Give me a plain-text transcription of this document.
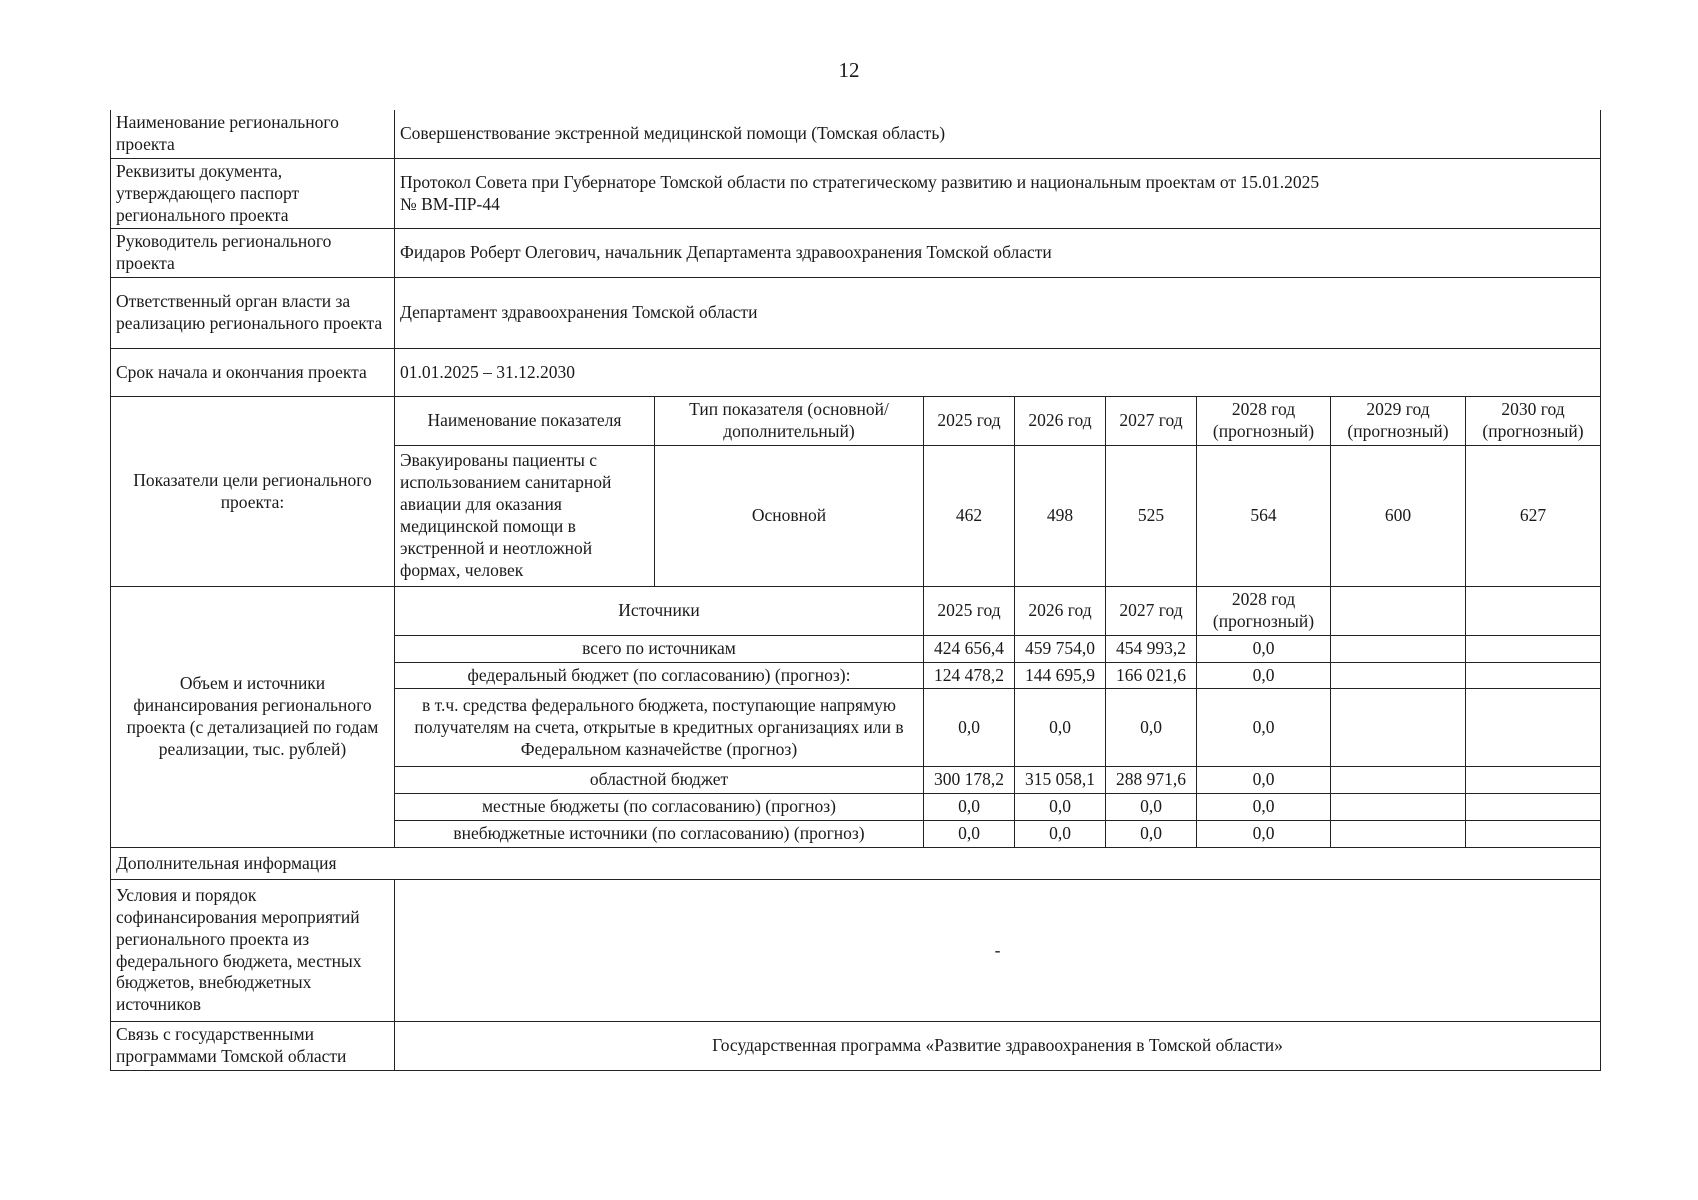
12
Наименование регионального проекта	Совершенствование экстренной медицинской помощи (Томская область)							
Реквизиты документа, утверждающего паспорт регионального проекта	Протокол Совета при Губернаторе Томской области по стратегическому развитию и национальным проектам от 15.01.2025
№ ВМ-ПР-44							

Руководитель регионального проекта	Фидаров Роберт Олегович, начальник Департамента здравоохранения Томской области							
Ответственный орган власти за реализацию регионального проекта	Департамент здравоохранения Томской области							
Срок начала и окончания проекта	01.01.2025 – 31.12.2030							
Показатели цели регионального проекта:	Наименование показателя	Тип показателя (основной/дополнительный)	2025 год	2026 год	2027 год	2028 год (прогнозный)	2029 год (прогнозный)	2030 год (прогнозный)
	Эвакуированы пациенты с использованием санитарной авиации для оказания медицинской помощи в экстренной и неотложной формах, человек	Основной	462	498	525	564	600	627
Объем и источники финансирования регионального проекта (с детализацией по годам реализации, тыс. рублей)	Источники		2025 год	2026 год	2027 год	2028 год (прогнозный)		
	всего по источникам		424 656,4	459 754,0	454 993,2	0,0		
	федеральный бюджет (по согласованию) (прогноз):		124 478,2	144 695,9	166 021,6	0,0		
	в т.ч. средства федерального бюджета, поступающие напрямую получателям на счета, открытые в кредитных организациях или в Федеральном казначействе (прогноз)		0,0	0,0	0,0	0,0		
	областной бюджет		300 178,2	315 058,1	288 971,6	0,0		
	местные бюджеты (по согласованию) (прогноз)		0,0	0,0	0,0	0,0		
	внебюджетные источники (по согласованию) (прогноз)		0,0	0,0	0,0	0,0		
Дополнительная информация								
Условия и порядок софинансирования мероприятий регионального проекта из федерального бюджета, местных бюджетов, внебюджетных источников	-							
Связь с государственными программами Томской области	Государственная программа «Развитие здравоохранения в Томской области»							
